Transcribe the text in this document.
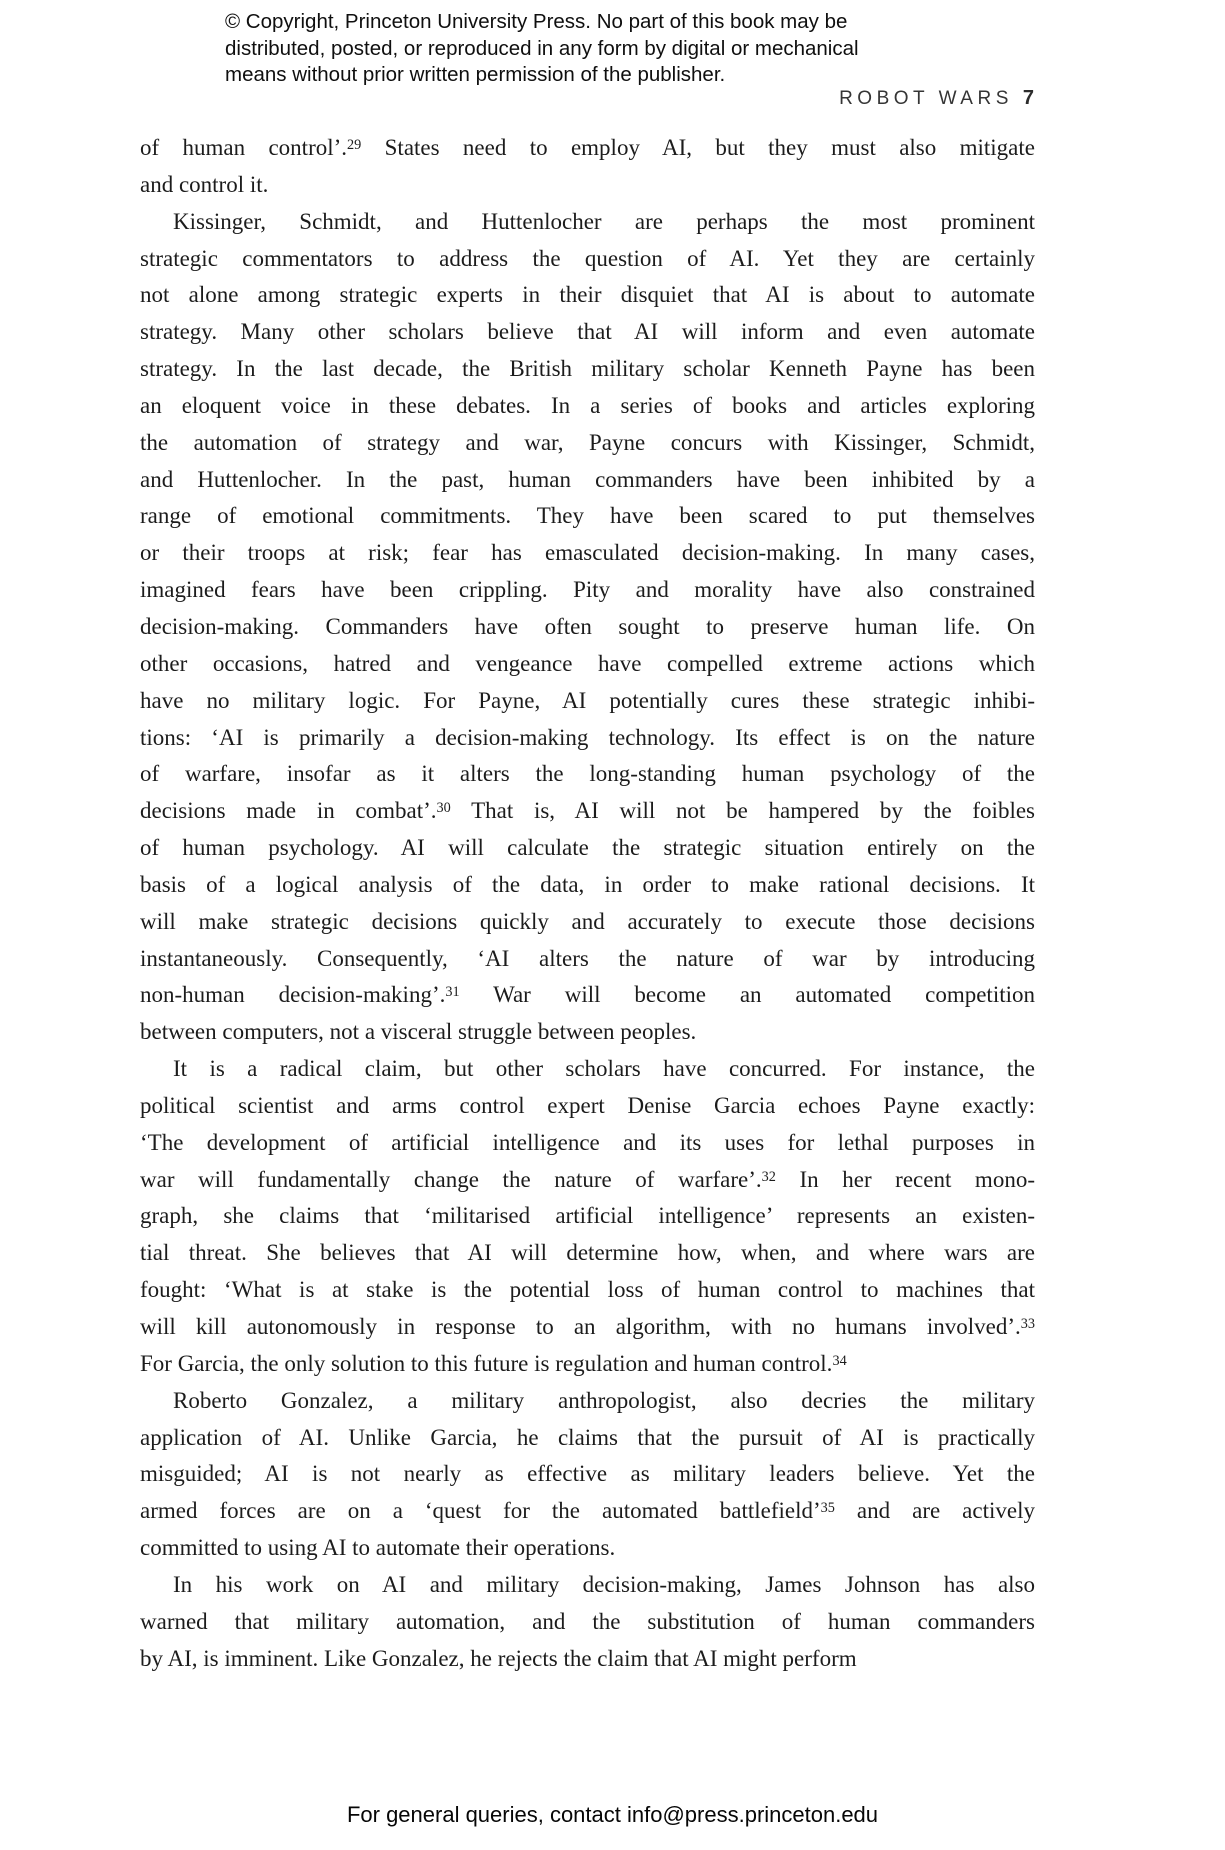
© Copyright, Princeton University Press. No part of this book may be
distributed, posted, or reproduced in any form by digital or mechanical
means without prior written permission of the publisher.
ROBOT WARS 7
of human control’.$^{29}$ States need to employ AI, but they must also mitigate
and control it.
Kissinger, Schmidt, and Huttenlocher are perhaps the most prominent
strategic commentators to address the question of AI. Yet they are certainly
not alone among strategic experts in their disquiet that AI is about to automate
strategy. Many other scholars believe that AI will inform and even automate
strategy. In the last decade, the British military scholar Kenneth Payne has been
an eloquent voice in these debates. In a series of books and articles exploring
the automation of strategy and war, Payne concurs with Kissinger, Schmidt,
and Huttenlocher. In the past, human commanders have been inhibited by a
range of emotional commitments. They have been scared to put themselves
or their troops at risk; fear has emasculated decision-making. In many cases,
imagined fears have been crippling. Pity and morality have also constrained
decision-making. Commanders have often sought to preserve human life. On
other occasions, hatred and vengeance have compelled extreme actions which
have no military logic. For Payne, AI potentially cures these strategic inhibi-
tions: ‘AI is primarily a decision-making technology. Its effect is on the nature
of warfare, insofar as it alters the long-standing human psychology of the
decisions made in combat’.$^{30}$ That is, AI will not be hampered by the foibles
of human psychology. AI will calculate the strategic situation entirely on the
basis of a logical analysis of the data, in order to make rational decisions. It
will make strategic decisions quickly and accurately to execute those decisions
instantaneously. Consequently, ‘AI alters the nature of war by introducing
non-human decision-making’.$^{31}$ War will become an automated competition
between computers, not a visceral struggle between peoples.
It is a radical claim, but other scholars have concurred. For instance, the
political scientist and arms control expert Denise Garcia echoes Payne exactly:
‘The development of artificial intelligence and its uses for lethal purposes in
war will fundamentally change the nature of warfare’.$^{32}$ In her recent mono-
graph, she claims that ‘militarised artificial intelligence’ represents an existen-
tial threat. She believes that AI will determine how, when, and where wars are
fought: ‘What is at stake is the potential loss of human control to machines that
will kill autonomously in response to an algorithm, with no humans involved’.$^{33}$
For Garcia, the only solution to this future is regulation and human control.$^{34}$
Roberto Gonzalez, a military anthropologist, also decries the military
application of AI. Unlike Garcia, he claims that the pursuit of AI is practically
misguided; AI is not nearly as effective as military leaders believe. Yet the
armed forces are on a ‘quest for the automated battlefield’$^{35}$ and are actively
committed to using AI to automate their operations.
In his work on AI and military decision-making, James Johnson has also
warned that military automation, and the substitution of human commanders
by AI, is imminent. Like Gonzalez, he rejects the claim that AI might perform
For general queries, contact info@press.princeton.edu
